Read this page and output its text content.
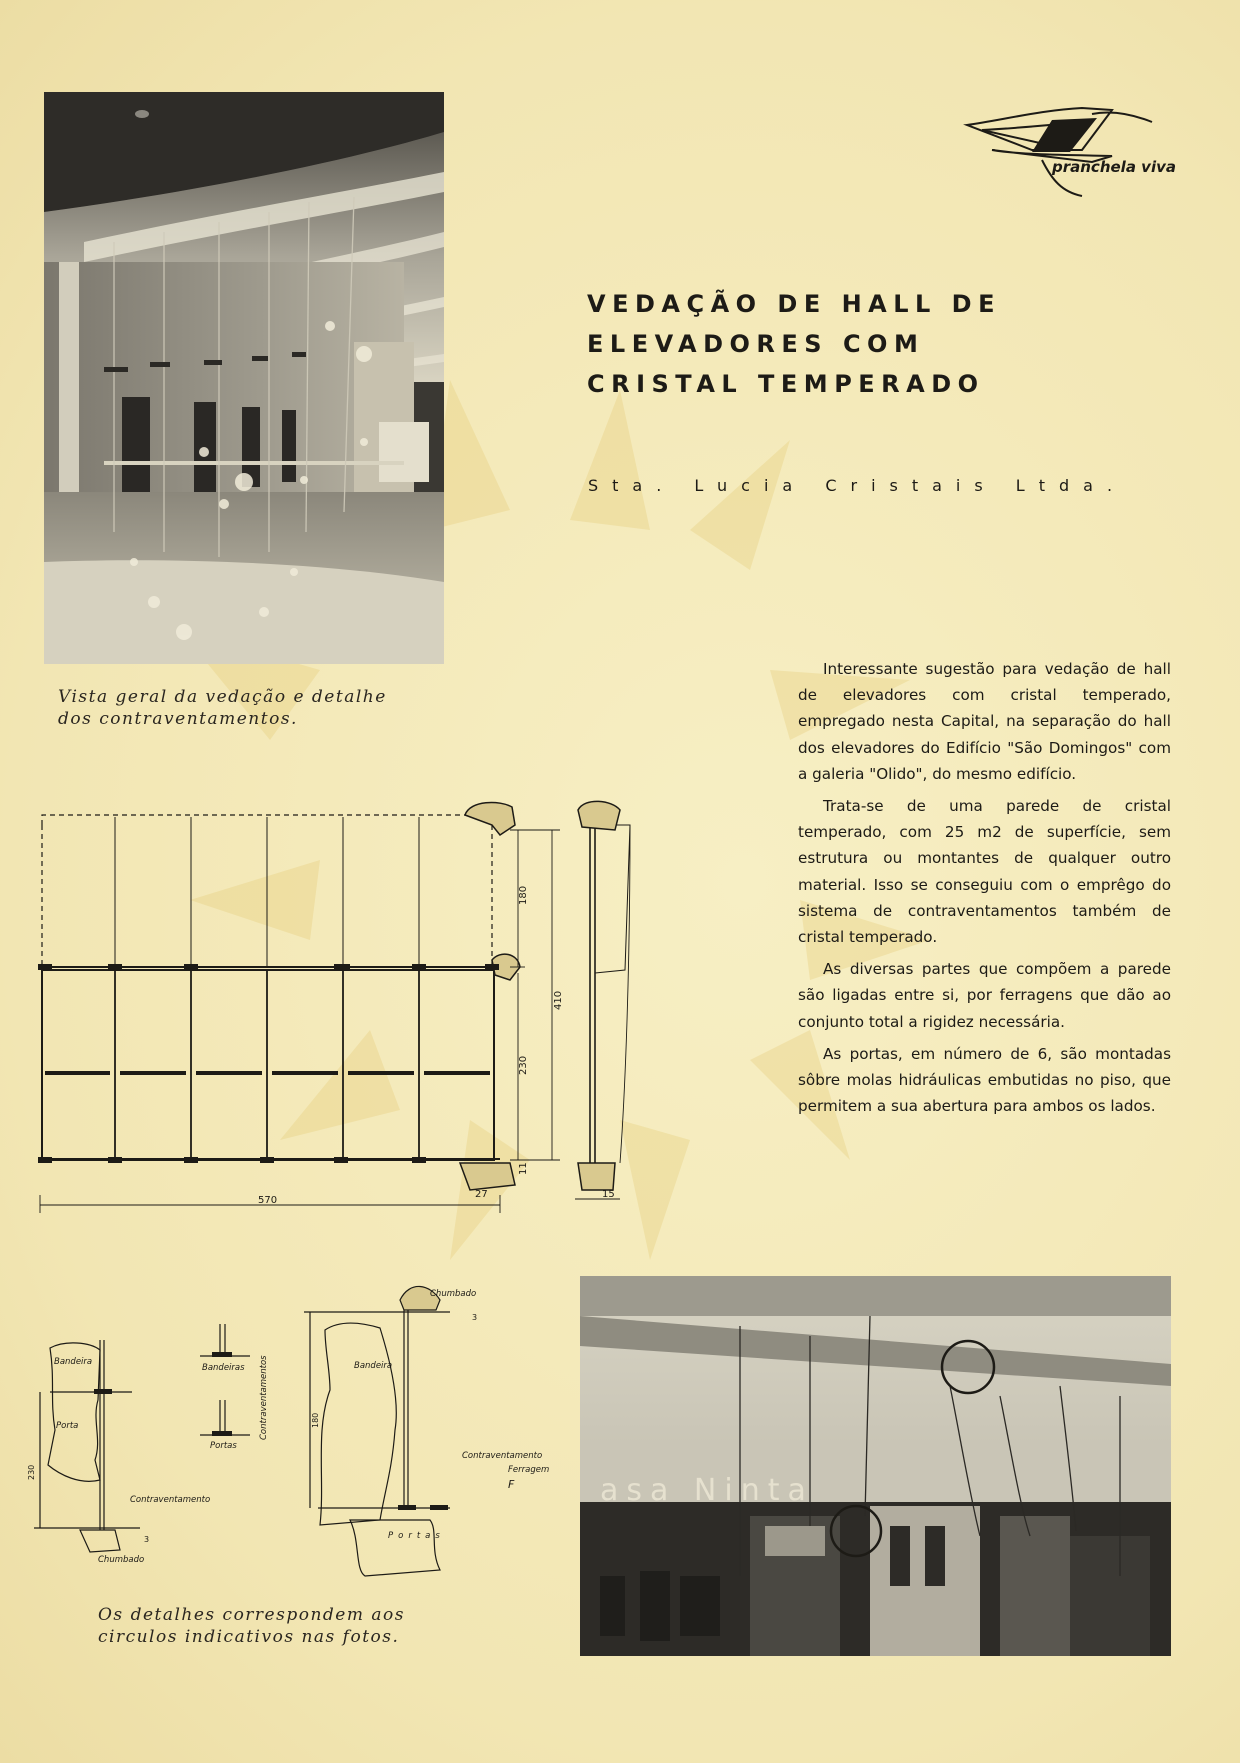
Vista geral da vedação e detalhe dos contraventamentos.
pranchela viva
VEDAÇÃO DE HALL DE
ELEVADORES COM
CRISTAL TEMPERADO
Sta. Lucia Cristais Ltda.

Interessante sugestão para vedação de hall de elevadores com cristal temperado, empregado nesta Capital, na separação do hall dos elevadores do Edifício "São Domingos" com a galeria "Olido", do mesmo edifício.

Trata-se de uma parede de cristal temperado, com 25 m2 de superfície, sem estrutura ou montantes de qualquer outro material. Isso se conseguiu com o emprêgo do sistema de contraventamentos também de cristal temperado.

As diversas partes que compõem a parede são ligadas entre si, por ferragens que dão ao conjunto total a rigidez necessária.

As portas, em número de 6, são montadas sôbre molas hidráulicas embutidas no piso, que permitem a sua abertura para ambos os lados.

180
410
230
11
570
27	15
Bandeira
Porta
Contraventamento
Chumbado
Bandeiras
Portas
Contraventamentos
Chumbado
Bandeira
Contraventamento
Ferragem
F
Portas
230
3
180
3
Os detalhes correspondem aos circulos indicativos nas fotos.
asa Ninta
